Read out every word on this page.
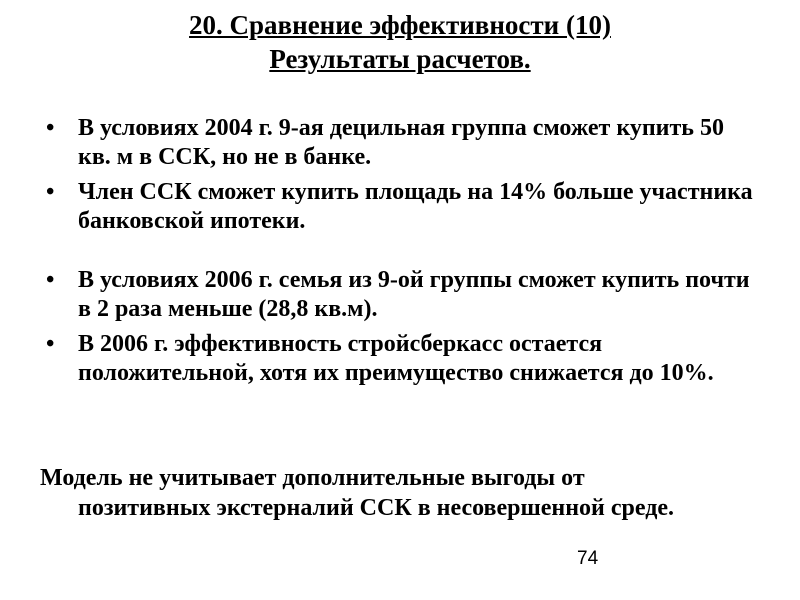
20. Сравнение эффективности (10)
Результаты расчетов.
• В условиях 2004 г. 9-ая децильная группа сможет купить 50 кв. м в ССК, но не в банке.
• Член ССК сможет купить площадь на 14% больше участника банковской ипотеки.
• В условиях 2006 г. семья из 9-ой группы сможет купить почти в 2 раза меньше (28,8 кв.м).
• В 2006 г. эффективность стройсберкасс остается положительной, хотя их преимущество снижается до 10%.
Модель не учитывает дополнительные выгоды от
позитивных экстерналий ССК в несовершенной среде.
74
